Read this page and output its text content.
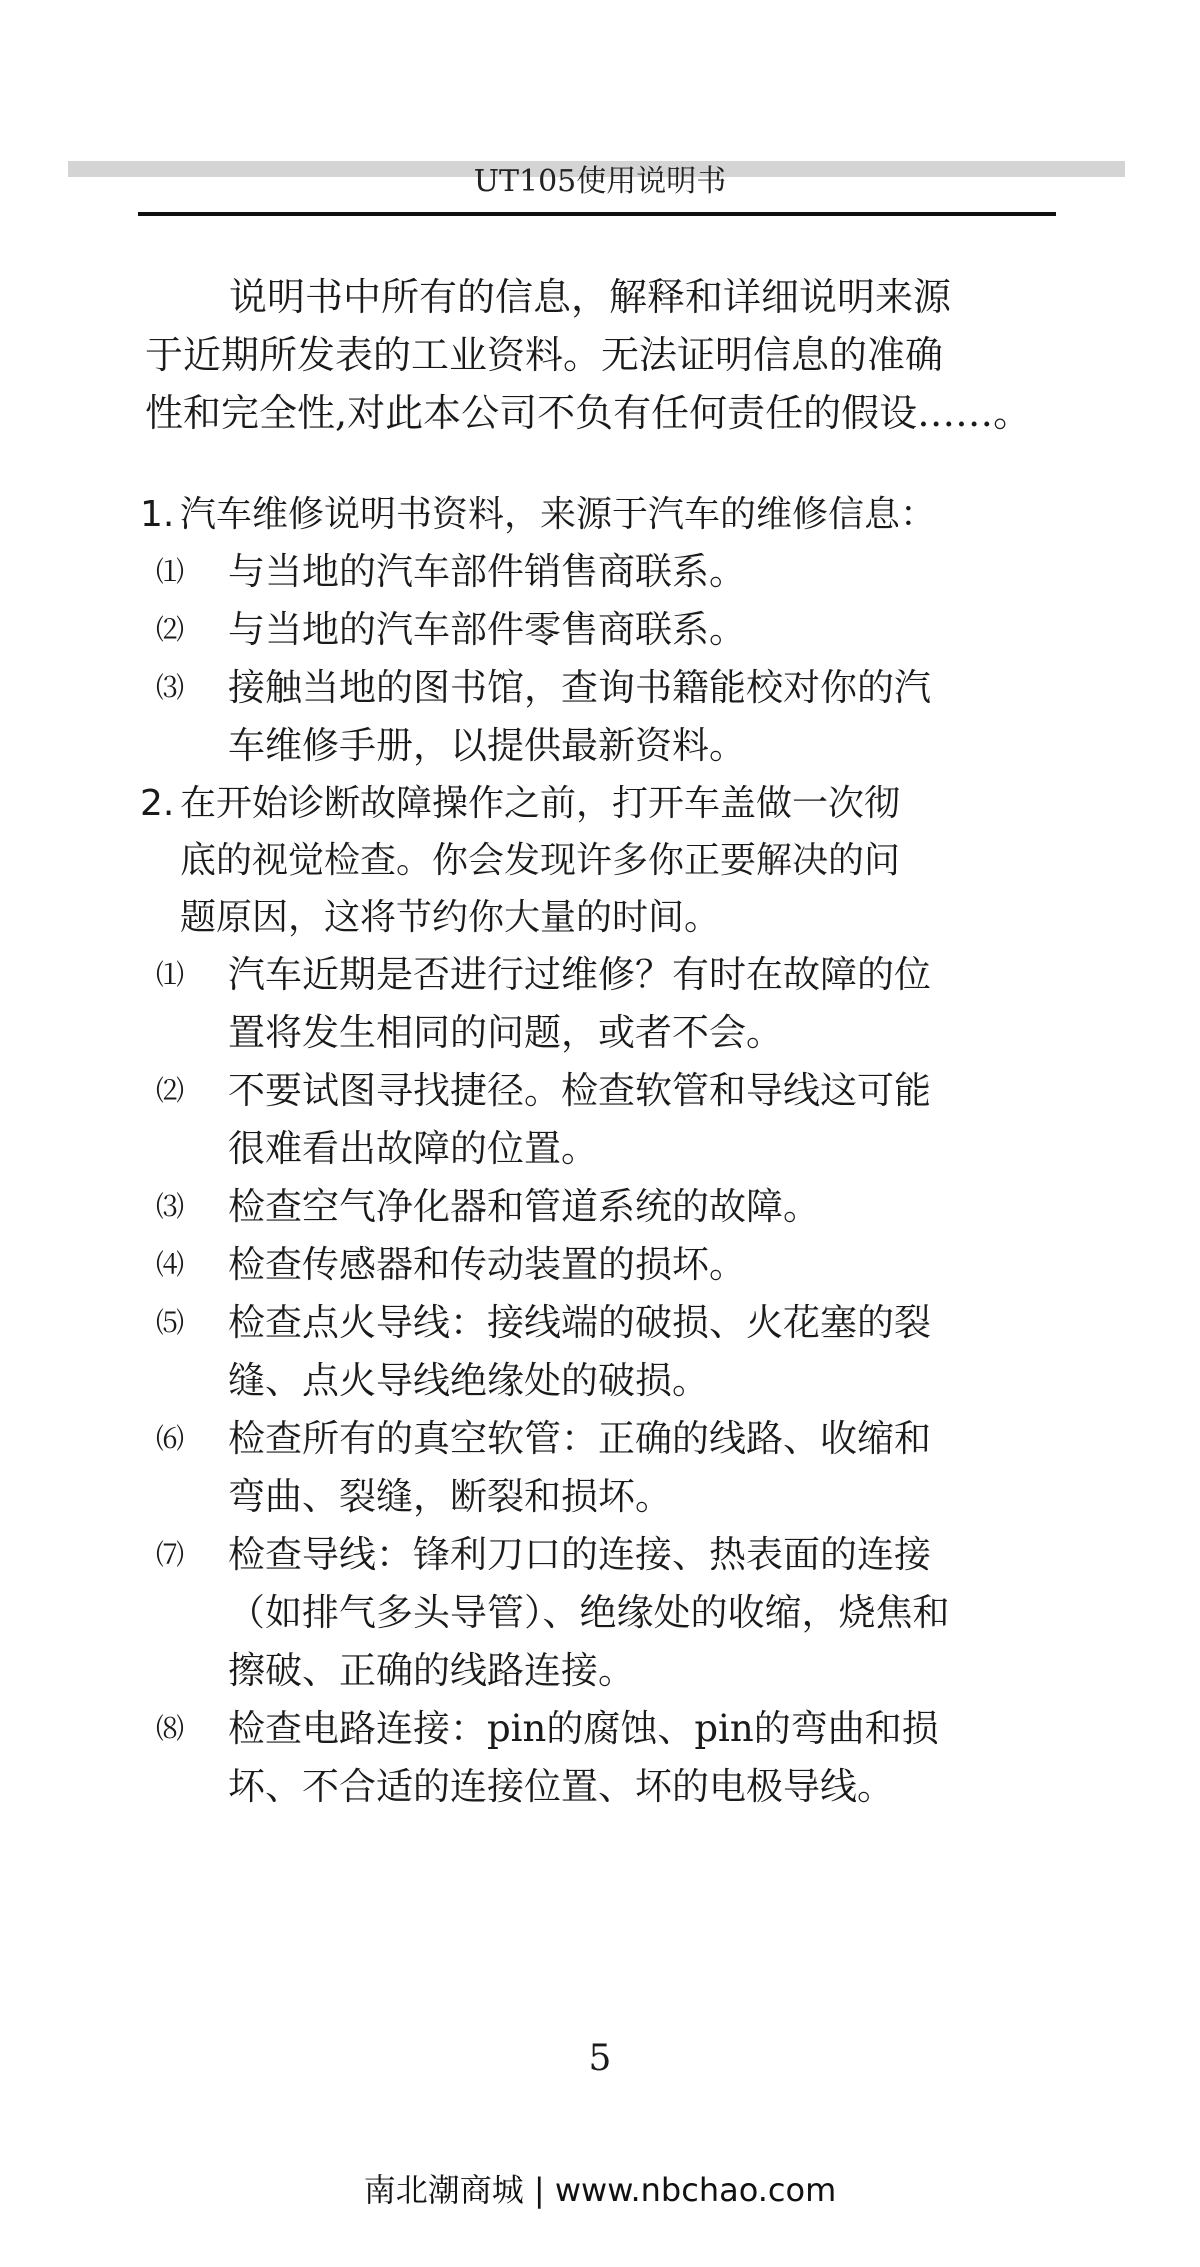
UT105使用说明书
说明书中所有的信息，解释和详细说明来源
于近期所发表的工业资料。无法证明信息的准确
性和完全性,对此本公司不负有任何责任的假设……。
1. 汽车维修说明书资料，来源于汽车的维修信息：
⑴ 与当地的汽车部件销售商联系。
⑵ 与当地的汽车部件零售商联系。
⑶ 接触当地的图书馆，查询书籍能校对你的汽
车维修手册，以提供最新资料。
2. 在开始诊断故障操作之前，打开车盖做一次彻
底的视觉检查。你会发现许多你正要解决的问
题原因，这将节约你大量的时间。
⑴ 汽车近期是否进行过维修？有时在故障的位
置将发生相同的问题，或者不会。
⑵ 不要试图寻找捷径。检查软管和导线这可能
很难看出故障的位置。
⑶ 检查空气净化器和管道系统的故障。
⑷ 检查传感器和传动装置的损坏。
⑸ 检查点火导线：接线端的破损、火花塞的裂
缝、点火导线绝缘处的破损。
⑹ 检查所有的真空软管：正确的线路、收缩和
弯曲、裂缝，断裂和损坏。
⑺ 检查导线：锋利刀口的连接、热表面的连接
（如排气多头导管）、绝缘处的收缩，烧焦和
擦破、正确的线路连接。
⑻ 检查电路连接：pin的腐蚀、pin的弯曲和损
坏、不合适的连接位置、坏的电极导线。
5
南北潮商城 | www.nbchao.com
